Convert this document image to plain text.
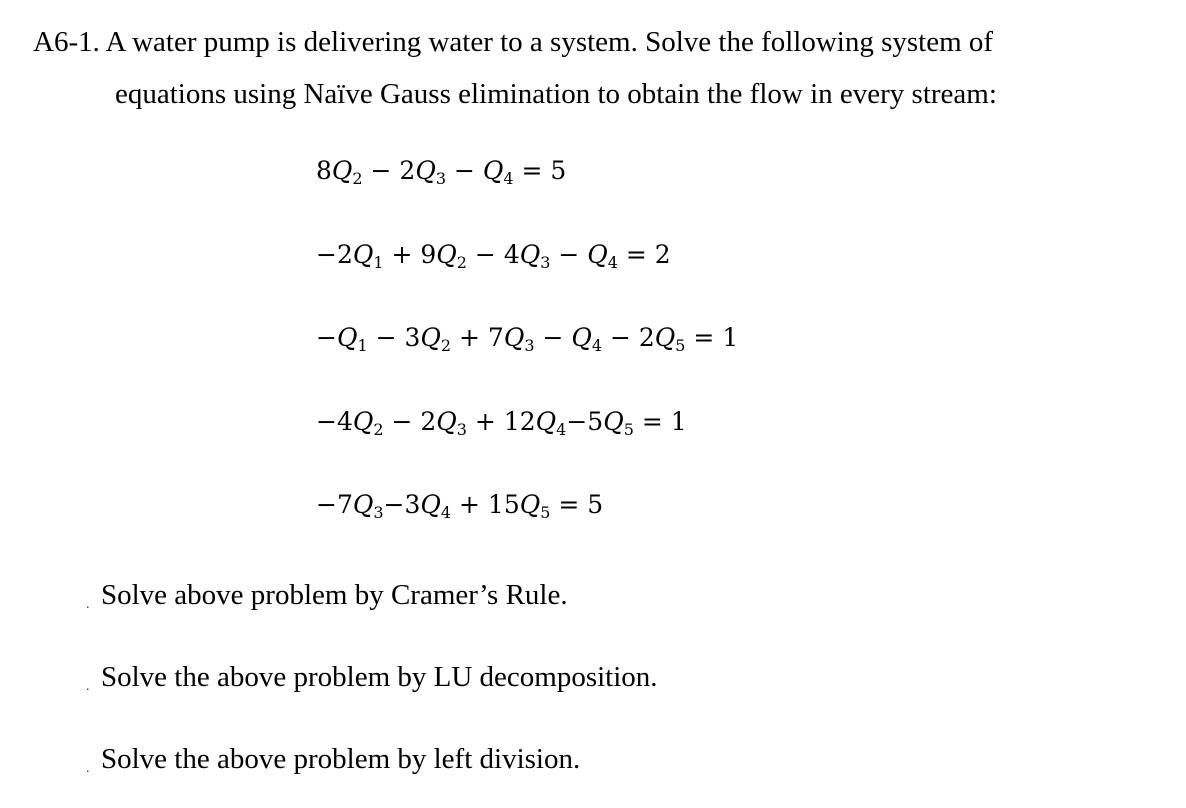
A6-1. A water pump is delivering water to a system. Solve the following system of
equations using Naïve Gauss elimination to obtain the flow in every stream:
$8Q_2 - 2Q_3 - Q_4 = 5$
$-2Q_1 + 9Q_2 - 4Q_3 - Q_4 = 2$
$-Q_1 - 3Q_2 + 7Q_3 - Q_4 - 2Q_5 = 1$
$-4Q_2 - 2Q_3 + 12Q_4-5Q_5 = 1$
$-7Q_3-3Q_4 + 15Q_5 = 5$
. Solve above problem by Cramer’s Rule.
. Solve the above problem by LU decomposition.
. Solve the above problem by left division.
